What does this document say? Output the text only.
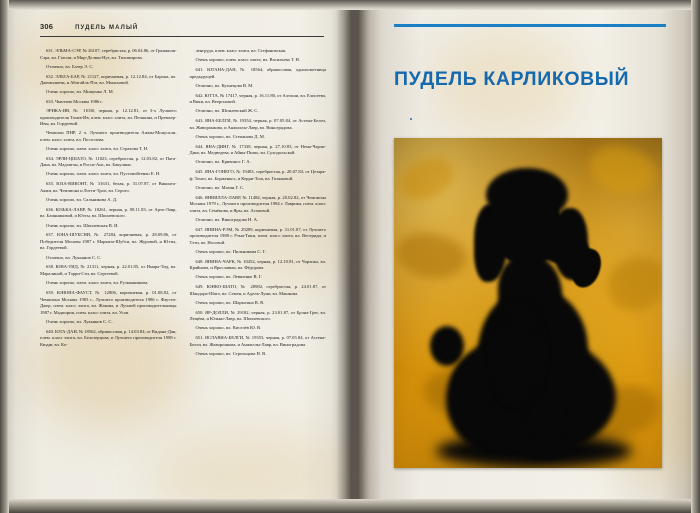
306	ПУДЕЛЬ МАЛЫЙ

631. ЭЛЬМА-СЭР, № 26107, серебристая, р. 06.04.86, от Гранжиля-Сэра, вл. Гаголи, и Мир-Делюн-Нут, вл. Тихомирова.

Отлично, вл. Базер Э. С.

632. ЭЛЬТА-БАР, № 21127, коричневая, р. 12.12.84, от Барона, вл. Джемилиева, и Абигайль-Пэт, вл. Монаховой.

Очень хорошо, вл. Мищенко Л. М.

633. Чьютюю Москвы 1986 г.

ЭРИКА-ИВ, № 11030, черная, р. 12.12.81, от 3-х Лучшего производителя Тахив-Ив, плем. класс элита, вл. Пешкина, и Премьер-Ивы, вл. Гордеевой.

Чемпион ПНР, 2 ч. Лучшего производителя Ажмы-Монускли, плем. класс элита, вл. Постолова.

Очень хорошо, плем. класс элита, вл. Страхова Т. Н.

634. ЭРЛИ-ЦШАТО, № 11823, серебристая, р. 12.03.82, от Пата-Дана, вл. Мадзигон, и Росси-Анс, вл. Бакулина.

Очень хорошо, плем. класс элита, вл. Пустовойтенко Е. Н.

635. ЮЗА-ВИКОНТ, № 31631, белая, р. 31.07.87, от Виконта-Акми, вл. Чемпиона и Лотти-Троп, вл. Серого.

Очень хорошо, вл. Сальникова А. Д.

636. ЮЗЬКА-ЛАВР, № 18261, черная, р. 08.11.83, от Арто-Лавр, вл. Блинниковой, и Юэты, вл. Шпилевского.

Очень хорошо, вл. Шпилевская В. И.

637. ЮНА-ШУБСНИ, № 27284, коричневая, р. 28.09.86, от Победителя Москвы 1987 г. Маркиза-Шубси, вл. Журовой, и Ютты, вл. Гордеевой.

Отлично, вл. Лукьянов С. С.

638. ЮНА-ТИД, № 21311, черная, р. 22.01.85, от Имара-Тид, вл. Маралиной, и Тэрри-Сти, вл. Сергеевой.

Очень хорошо, плем. класс элита, вл. Рузманникова.

639. ЮНОНА-ФАУСТ, № 12806, коричневая, р. 01.08.82, от Чемпиона Москвы 1983 г., Лучшего производителя 1986 г. Фаусти-Джер, плем. класс элита, вл. Жакова, и Лучшей производительницы 1987 г. Мадиории, плем. класс элита, вл. Усов.

Очень хорошо, вл. Лукьянов С. С.

640. ЮТА-ДАН, № 18562, абрикосовая, р. 14.03.84, от Видана-Дан, плем. класс элита, вл. Белозерцова, и Лучшего производителя 1988 г. Кюднг, вл. Ко-

ленгруда, плем. класс элита, вл. Стефановская.

Очень хорошо, плем. класс элита, вл. Васильева Т. Н.

641. ЮТАНА-ДАН, № 18564, абрикосовая, однопометница предыдущей.

Отлично, вл. Кузнецова В. М.

642. ЮТТА, № 17417, черная, р. 16.11.80, от Алтоши, вл. Елисеева, и Вики, вл. Веерсновой.

Отлично, вл. Шпилевский Ж. С.

643. ЯНА-БЕЛГИ, № 19354, черная, р. 07.05.84, от Астена-Белги, вл. Жаворонкова, и Анжиллы-Лавр, вл. Виноградова.

Очень хорошо, вл. Степанова Д. М.

644. ЯНА-ДИНГ, № 17338, черная, р. 27.10.83, от Нема-Чарли-Динг, вл. Медведева, и Айны-Пишо, вл. Суходольской.

Отлично, вл. Кривонос Г. А.

645. ЯНА-ГОНЕГО, № 19483, серебристая, р. 20.07.84, от Цезаря-ф. Тонго, вл. Борженкос, и Керри-Тош, вл. Голяновой.

Отлично, вл. Мазин Г. С.

646. ЯНВИЛЛА-ЛАВР, № 11484, черная, р. 20.02.82, от Чемпиона Москвы 1979 г., Лучшего производителя 1984 г. Лаврика, плем. класс элита, вл. Семёнова, и Яры, вл. Агаповой.

Отлично, вл. Виноградова Н. А.

647. ЯНИНА-РЭМ, № 29289, коричневая, р. 31.01.87, от Лучшего производителя 1988 г. Рэма-Тики, плем. класс элита, вл. Весериди, и Тэти, вл. Носовой.

Очень хорошо, вл. Пильникова С. Г.

648. ЯНИНА-ЧАРК, № 10452, черная, р. 12.10.81, от Чарлика, вл. Крайнова, и Ярославны, вл. Фёдорова.

Очень хорошо, вл. Левшенко В. Г.

649. ЮНКО-ШАТО, № 28982, серебристая, р. 24.01.87, от Шандора-Шато, вл. Семен, и Адель-Луни, вл. Машкова.

Очень хорошо, вл. Шарыгина В. В.

650. ЯР-ДОЛЛИ, № 29182, черная, р. 23.01.87, от Брэна-Грег, вл. Лещёва, и Юльки-Лавр, вл. Шпилевского.

Очень хорошо, вл. Киселёв Ю. В.

651. ЯСЛАВНА-БЕЛГИ, № 19353, черная, р. 07.05.84, от Астена-Белги, вл. Жаворонкова, и Анжиллы-Лавр, вл. Виноградова.

Очень хорошо, вл. Стрельцова Н. В.

ПУДЕЛЬ КАРЛИКОВЫЙ
